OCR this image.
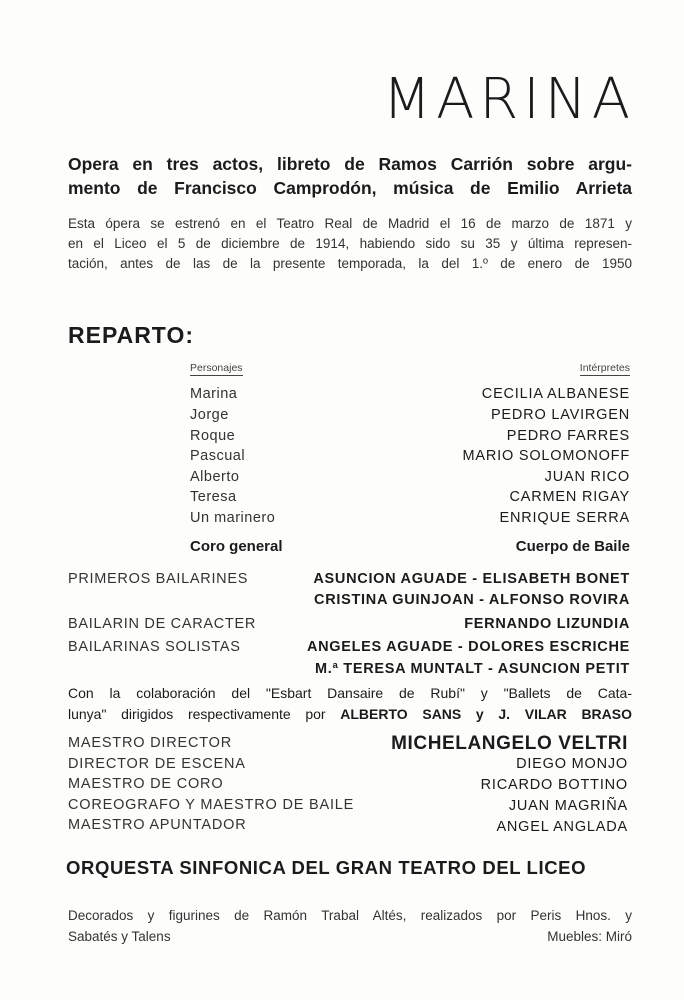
MARINA
Opera en tres actos, libreto de Ramos Carrión sobre argu-
mento de Francisco Camprodón, música de Emilio Arrieta
Esta ópera se estrenó en el Teatro Real de Madrid el 16 de marzo de 1871 y
en el Liceo el 5 de diciembre de 1914, habiendo sido su 35 y última represen-
tación, antes de las de la presente temporada, la del 1.º de enero de 1950
REPARTO:
Personajes	Intérpretes
Marina	CECILIA ALBANESE
Jorge	PEDRO LAVIRGEN
Roque	PEDRO FARRES
Pascual	MARIO SOLOMONOFF
Alberto	JUAN RICO
Teresa	CARMEN RIGAY
Un marinero	ENRIQUE SERRA
Coro general	Cuerpo de Baile
PRIMEROS BAILARINES	ASUNCION AGUADE - ELISABETH BONET
CRISTINA GUINJOAN - ALFONSO ROVIRA
BAILARIN DE CARACTER	FERNANDO LIZUNDIA
BAILARINAS SOLISTAS	ANGELES AGUADE - DOLORES ESCRICHE
M.ª TERESA MUNTALT - ASUNCION PETIT
Con la colaboración del "Esbart Dansaire de Rubí" y "Ballets de Cata-
lunya" dirigidos respectivamente por ALBERTO SANS y J. VILAR BRASO
MAESTRO DIRECTOR	MICHELANGELO VELTRI
DIRECTOR DE ESCENA	DIEGO MONJO
MAESTRO DE CORO	RICARDO BOTTINO
COREOGRAFO Y MAESTRO DE BAILE	JUAN MAGRIÑA
MAESTRO APUNTADOR	ANGEL ANGLADA
ORQUESTA SINFONICA DEL GRAN TEATRO DEL LICEO
Decorados y figurines de Ramón Trabal Altés, realizados por Peris Hnos. y
Sabatés y Talens	Muebles: Miró
